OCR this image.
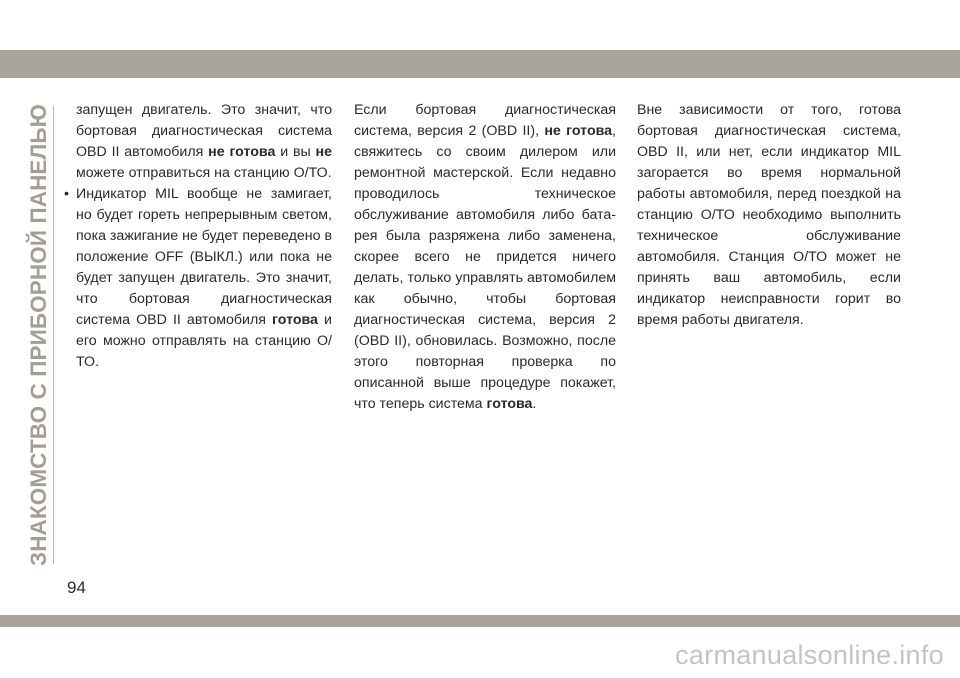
ЗНАКОМСТВО С ПРИБОРНОЙ ПАНЕЛЬЮ запущен двигатель. Это значит, что бортовая диагностическая система OBD II автомобиля не готова и вы не можете отправиться на станцию О/ТО.

• Индикатор MIL вообще не замигает, но будет гореть непрерывным светом, пока зажигание не будет переведено в положение OFF (ВЫКЛ.) или пока не будет запущен двигатель. Это значит, что бортовая диагностическая система OBD II автомобиля готова и его можно отправлять на станцию О/ТО.

Если бортовая диагностическая система, версия 2 (OBD II), не готова, свяжитесь со своим дилером или ремонтной мастерской. Если недавно проводилось техническое обслуживание автомобиля либо батарея была разряжена либо заменена, скорее всего не придется ничего делать, только управлять автомобилем как обычно, чтобы бортовая диагностическая система, версия 2 (OBD II), обновилась. Возможно, после этого повторная проверка по описанной выше процедуре покажет, что теперь система готова.

Вне зависимости от того, готова бортовая диагностическая система, OBD II, или нет, если индикатор MIL загорается во время нормальной работы автомобиля, перед поездкой на станцию О/ТО необходимо выполнить техническое обслуживание автомобиля. Станция О/ТО может не принять ваш автомобиль, если индикатор неисправности горит во время работы двигателя.

94
carmanualsonline.info
